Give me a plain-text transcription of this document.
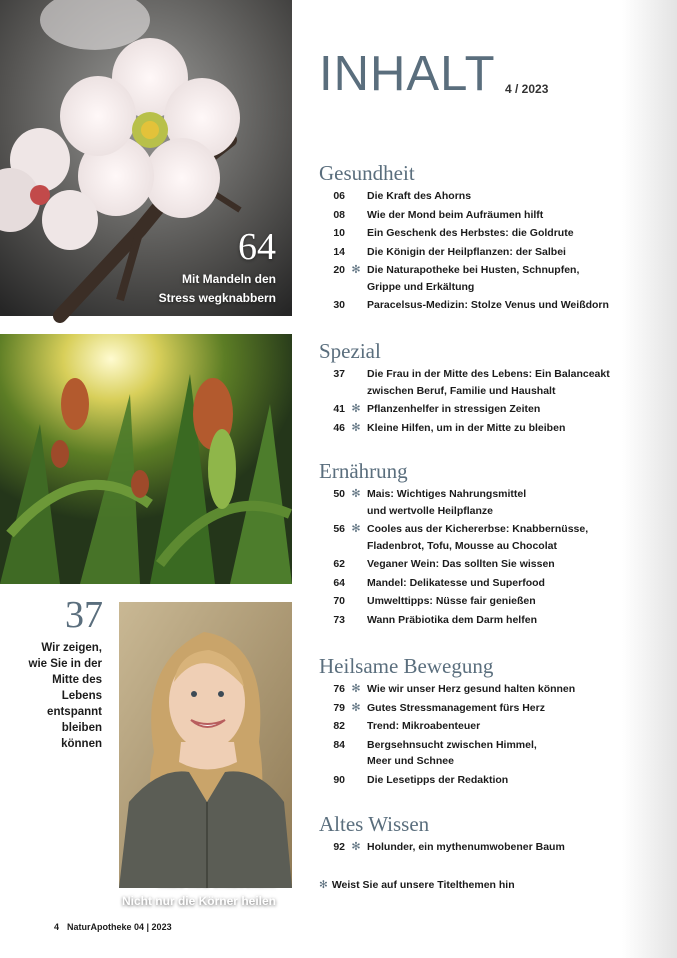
64
Mit Mandeln den
Stress wegknabbern
Nicht nur die Körner heilen
37
Wir zeigen,
wie Sie in der
Mitte des
Lebens
entspannt
bleiben
können
INHALT 4 / 2023
Gesundheit
06 Die Kraft des Ahorns
08 Wie der Mond beim Aufräumen hilft
10 Ein Geschenk des Herbstes: die Goldrute
14 Die Königin der Heilpflanzen: der Salbei
20 ✻ Die Naturapotheke bei Husten, Schnupfen,
Grippe und Erkältung
30 Paracelsus-Medizin: Stolze Venus und Weißdorn
Spezial
37 Die Frau in der Mitte des Lebens: Ein Balanceakt
zwischen Beruf, Familie und Haushalt
41 ✻ Pflanzenhelfer in stressigen Zeiten
46 ✻ Kleine Hilfen, um in der Mitte zu bleiben
Ernährung
50 ✻ Mais: Wichtiges Nahrungsmittel
und wertvolle Heilpflanze
56 ✻ Cooles aus der Kichererbse: Knabbernüsse,
Fladenbrot, Tofu, Mousse au Chocolat
62 Veganer Wein: Das sollten Sie wissen
64 Mandel: Delikatesse und Superfood
70 Umwelttipps: Nüsse fair genießen
73 Wann Präbiotika dem Darm helfen
Heilsame Bewegung
76 ✻ Wie wir unser Herz gesund halten können
79 ✻ Gutes Stressmanagement fürs Herz
82 Trend: Mikroabenteuer
84 Bergsehnsucht zwischen Himmel,
Meer und Schnee
90 Die Lesetipps der Redaktion
Altes Wissen
92 ✻ Holunder, ein mythenumwobener Baum
✻ Weist Sie auf unsere Titelthemen hin
4 NaturApotheke 04 | 2023
